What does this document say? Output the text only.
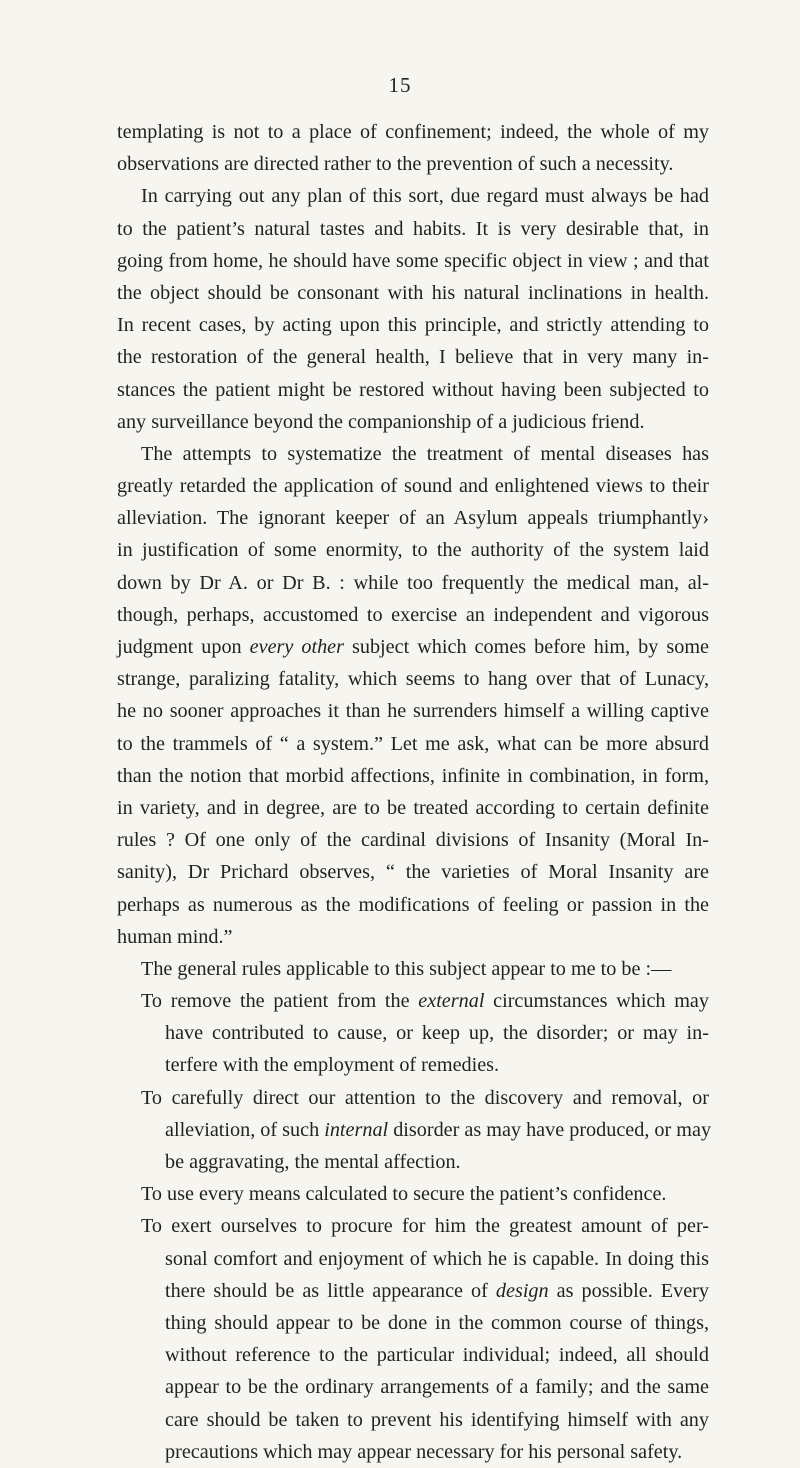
15
templating is not to a place of confinement; indeed, the whole of my
observations are directed rather to the prevention of such a necessity.
In carrying out any plan of this sort, due regard must always be had
to the patient’s natural tastes and habits. It is very desirable that, in
going from home, he should have some specific object in view ; and that
the object should be consonant with his natural inclinations in health.
In recent cases, by acting upon this principle, and strictly attending to
the restoration of the general health, I believe that in very many in-
stances the patient might be restored without having been subjected to
any surveillance beyond the companionship of a judicious friend.
The attempts to systematize the treatment of mental diseases has
greatly retarded the application of sound and enlightened views to their
alleviation. The ignorant keeper of an Asylum appeals triumphantly›
in justification of some enormity, to the authority of the system laid
down by Dr A. or Dr B. : while too frequently the medical man, al-
though, perhaps, accustomed to exercise an independent and vigorous
judgment upon every other subject which comes before him, by some
strange, paralizing fatality, which seems to hang over that of Lunacy,
he no sooner approaches it than he surrenders himself a willing captive
to the trammels of “ a system.” Let me ask, what can be more absurd
than the notion that morbid affections, infinite in combination, in form,
in variety, and in degree, are to be treated according to certain definite
rules ? Of one only of the cardinal divisions of Insanity (Moral In-
sanity), Dr Prichard observes, “ the varieties of Moral Insanity are
perhaps as numerous as the modifications of feeling or passion in the
human mind.”
The general rules applicable to this subject appear to me to be :—
To remove the patient from the external circumstances which may
have contributed to cause, or keep up, the disorder; or may in-
terfere with the employment of remedies.
To carefully direct our attention to the discovery and removal, or
alleviation, of such internal disorder as may have produced, or may
be aggravating, the mental affection.
To use every means calculated to secure the patient’s confidence.
To exert ourselves to procure for him the greatest amount of per-
sonal comfort and enjoyment of which he is capable. In doing this
there should be as little appearance of design as possible. Every
thing should appear to be done in the common course of things,
without reference to the particular individual; indeed, all should
appear to be the ordinary arrangements of a family; and the same
care should be taken to prevent his identifying himself with any
precautions which may appear necessary for his personal safety.
